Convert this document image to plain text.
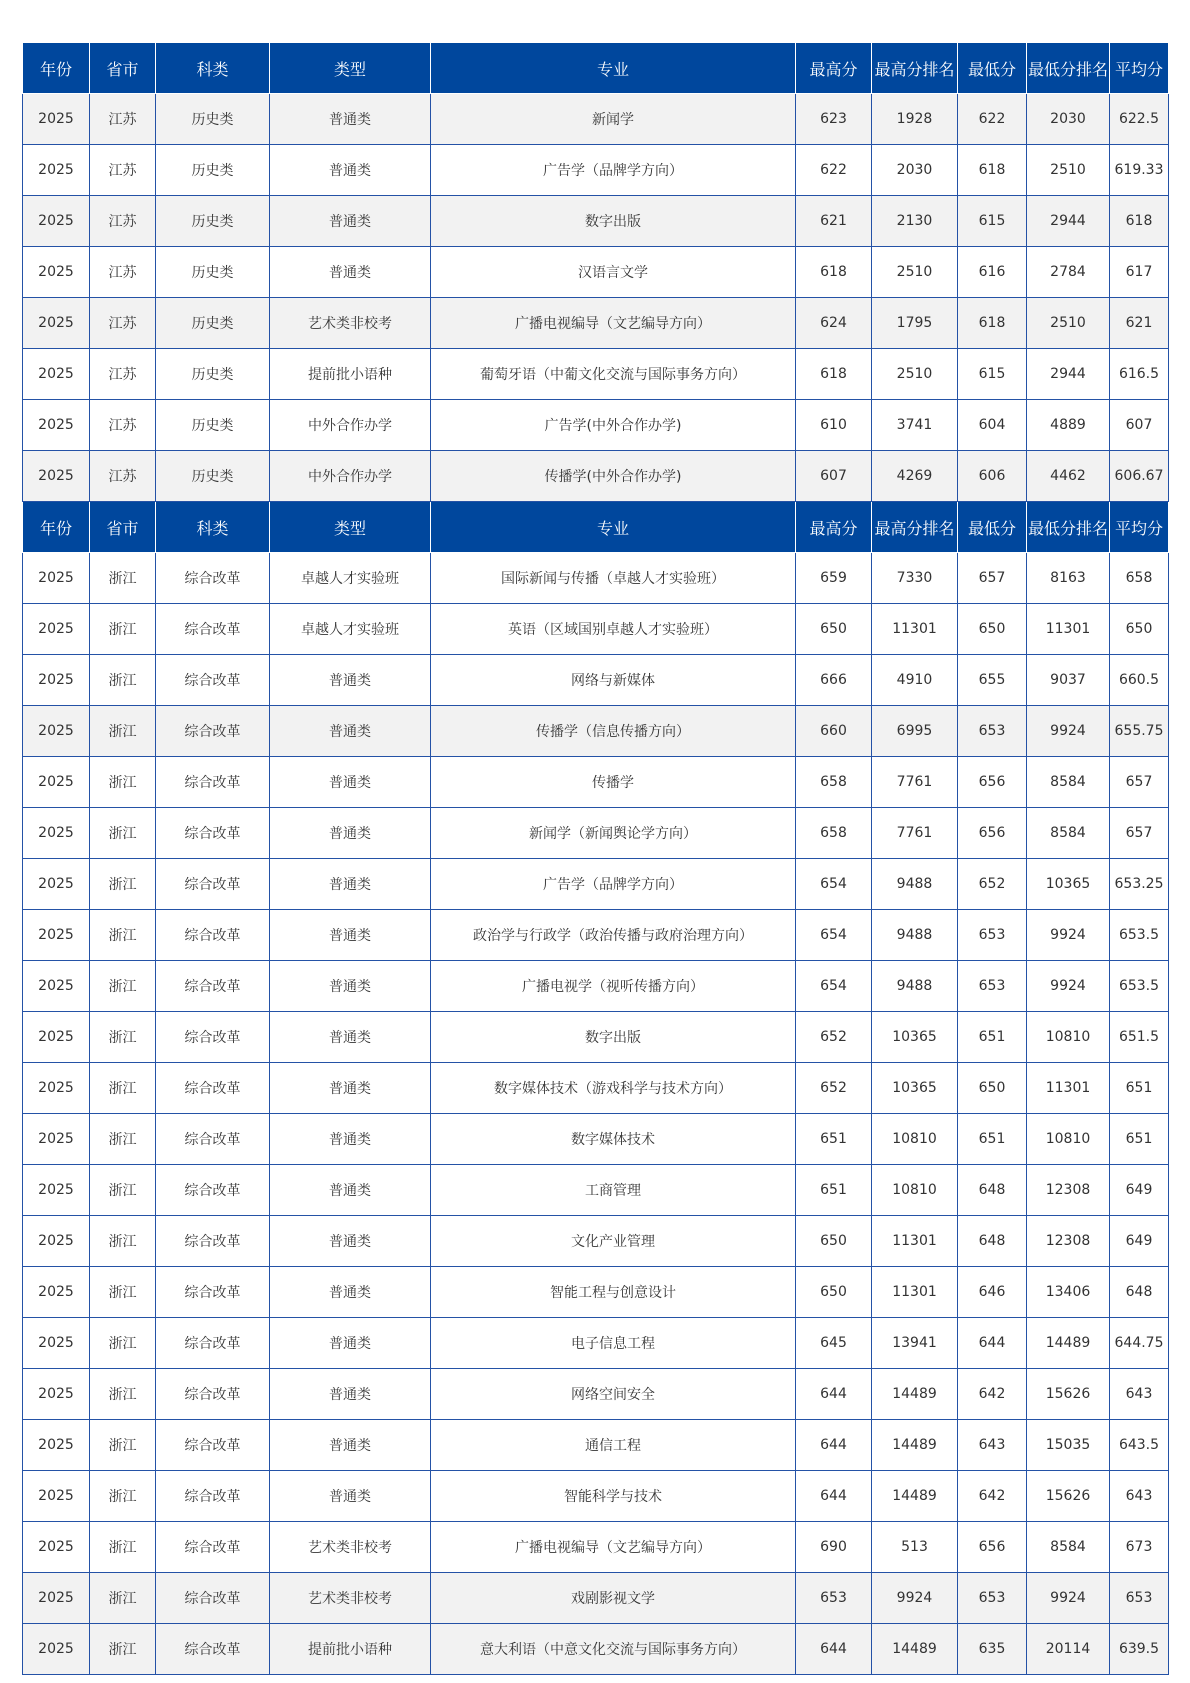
年份	省市	科类	类型	专业	最高分	最高分排名	最低分	最低分排名	平均分
2025	江苏	历史类	普通类	新闻学	623	1928	622	2030	622.5
2025	江苏	历史类	普通类	广告学（品牌学方向）	622	2030	618	2510	619.33
2025	江苏	历史类	普通类	数字出版	621	2130	615	2944	618
2025	江苏	历史类	普通类	汉语言文学	618	2510	616	2784	617
2025	江苏	历史类	艺术类非校考	广播电视编导（文艺编导方向）	624	1795	618	2510	621
2025	江苏	历史类	提前批小语种	葡萄牙语（中葡文化交流与国际事务方向）	618	2510	615	2944	616.5
2025	江苏	历史类	中外合作办学	广告学(中外合作办学)	610	3741	604	4889	607
2025	江苏	历史类	中外合作办学	传播学(中外合作办学)	607	4269	606	4462	606.67
年份	省市	科类	类型	专业	最高分	最高分排名	最低分	最低分排名	平均分
2025	浙江	综合改革	卓越人才实验班	国际新闻与传播（卓越人才实验班）	659	7330	657	8163	658
2025	浙江	综合改革	卓越人才实验班	英语（区域国别卓越人才实验班）	650	11301	650	11301	650
2025	浙江	综合改革	普通类	网络与新媒体	666	4910	655	9037	660.5
2025	浙江	综合改革	普通类	传播学（信息传播方向）	660	6995	653	9924	655.75
2025	浙江	综合改革	普通类	传播学	658	7761	656	8584	657
2025	浙江	综合改革	普通类	新闻学（新闻舆论学方向）	658	7761	656	8584	657
2025	浙江	综合改革	普通类	广告学（品牌学方向）	654	9488	652	10365	653.25
2025	浙江	综合改革	普通类	政治学与行政学（政治传播与政府治理方向）	654	9488	653	9924	653.5
2025	浙江	综合改革	普通类	广播电视学（视听传播方向）	654	9488	653	9924	653.5
2025	浙江	综合改革	普通类	数字出版	652	10365	651	10810	651.5
2025	浙江	综合改革	普通类	数字媒体技术（游戏科学与技术方向）	652	10365	650	11301	651
2025	浙江	综合改革	普通类	数字媒体技术	651	10810	651	10810	651
2025	浙江	综合改革	普通类	工商管理	651	10810	648	12308	649
2025	浙江	综合改革	普通类	文化产业管理	650	11301	648	12308	649
2025	浙江	综合改革	普通类	智能工程与创意设计	650	11301	646	13406	648
2025	浙江	综合改革	普通类	电子信息工程	645	13941	644	14489	644.75
2025	浙江	综合改革	普通类	网络空间安全	644	14489	642	15626	643
2025	浙江	综合改革	普通类	通信工程	644	14489	643	15035	643.5
2025	浙江	综合改革	普通类	智能科学与技术	644	14489	642	15626	643
2025	浙江	综合改革	艺术类非校考	广播电视编导（文艺编导方向）	690	513	656	8584	673
2025	浙江	综合改革	艺术类非校考	戏剧影视文学	653	9924	653	9924	653
2025	浙江	综合改革	提前批小语种	意大利语（中意文化交流与国际事务方向）	644	14489	635	20114	639.5
